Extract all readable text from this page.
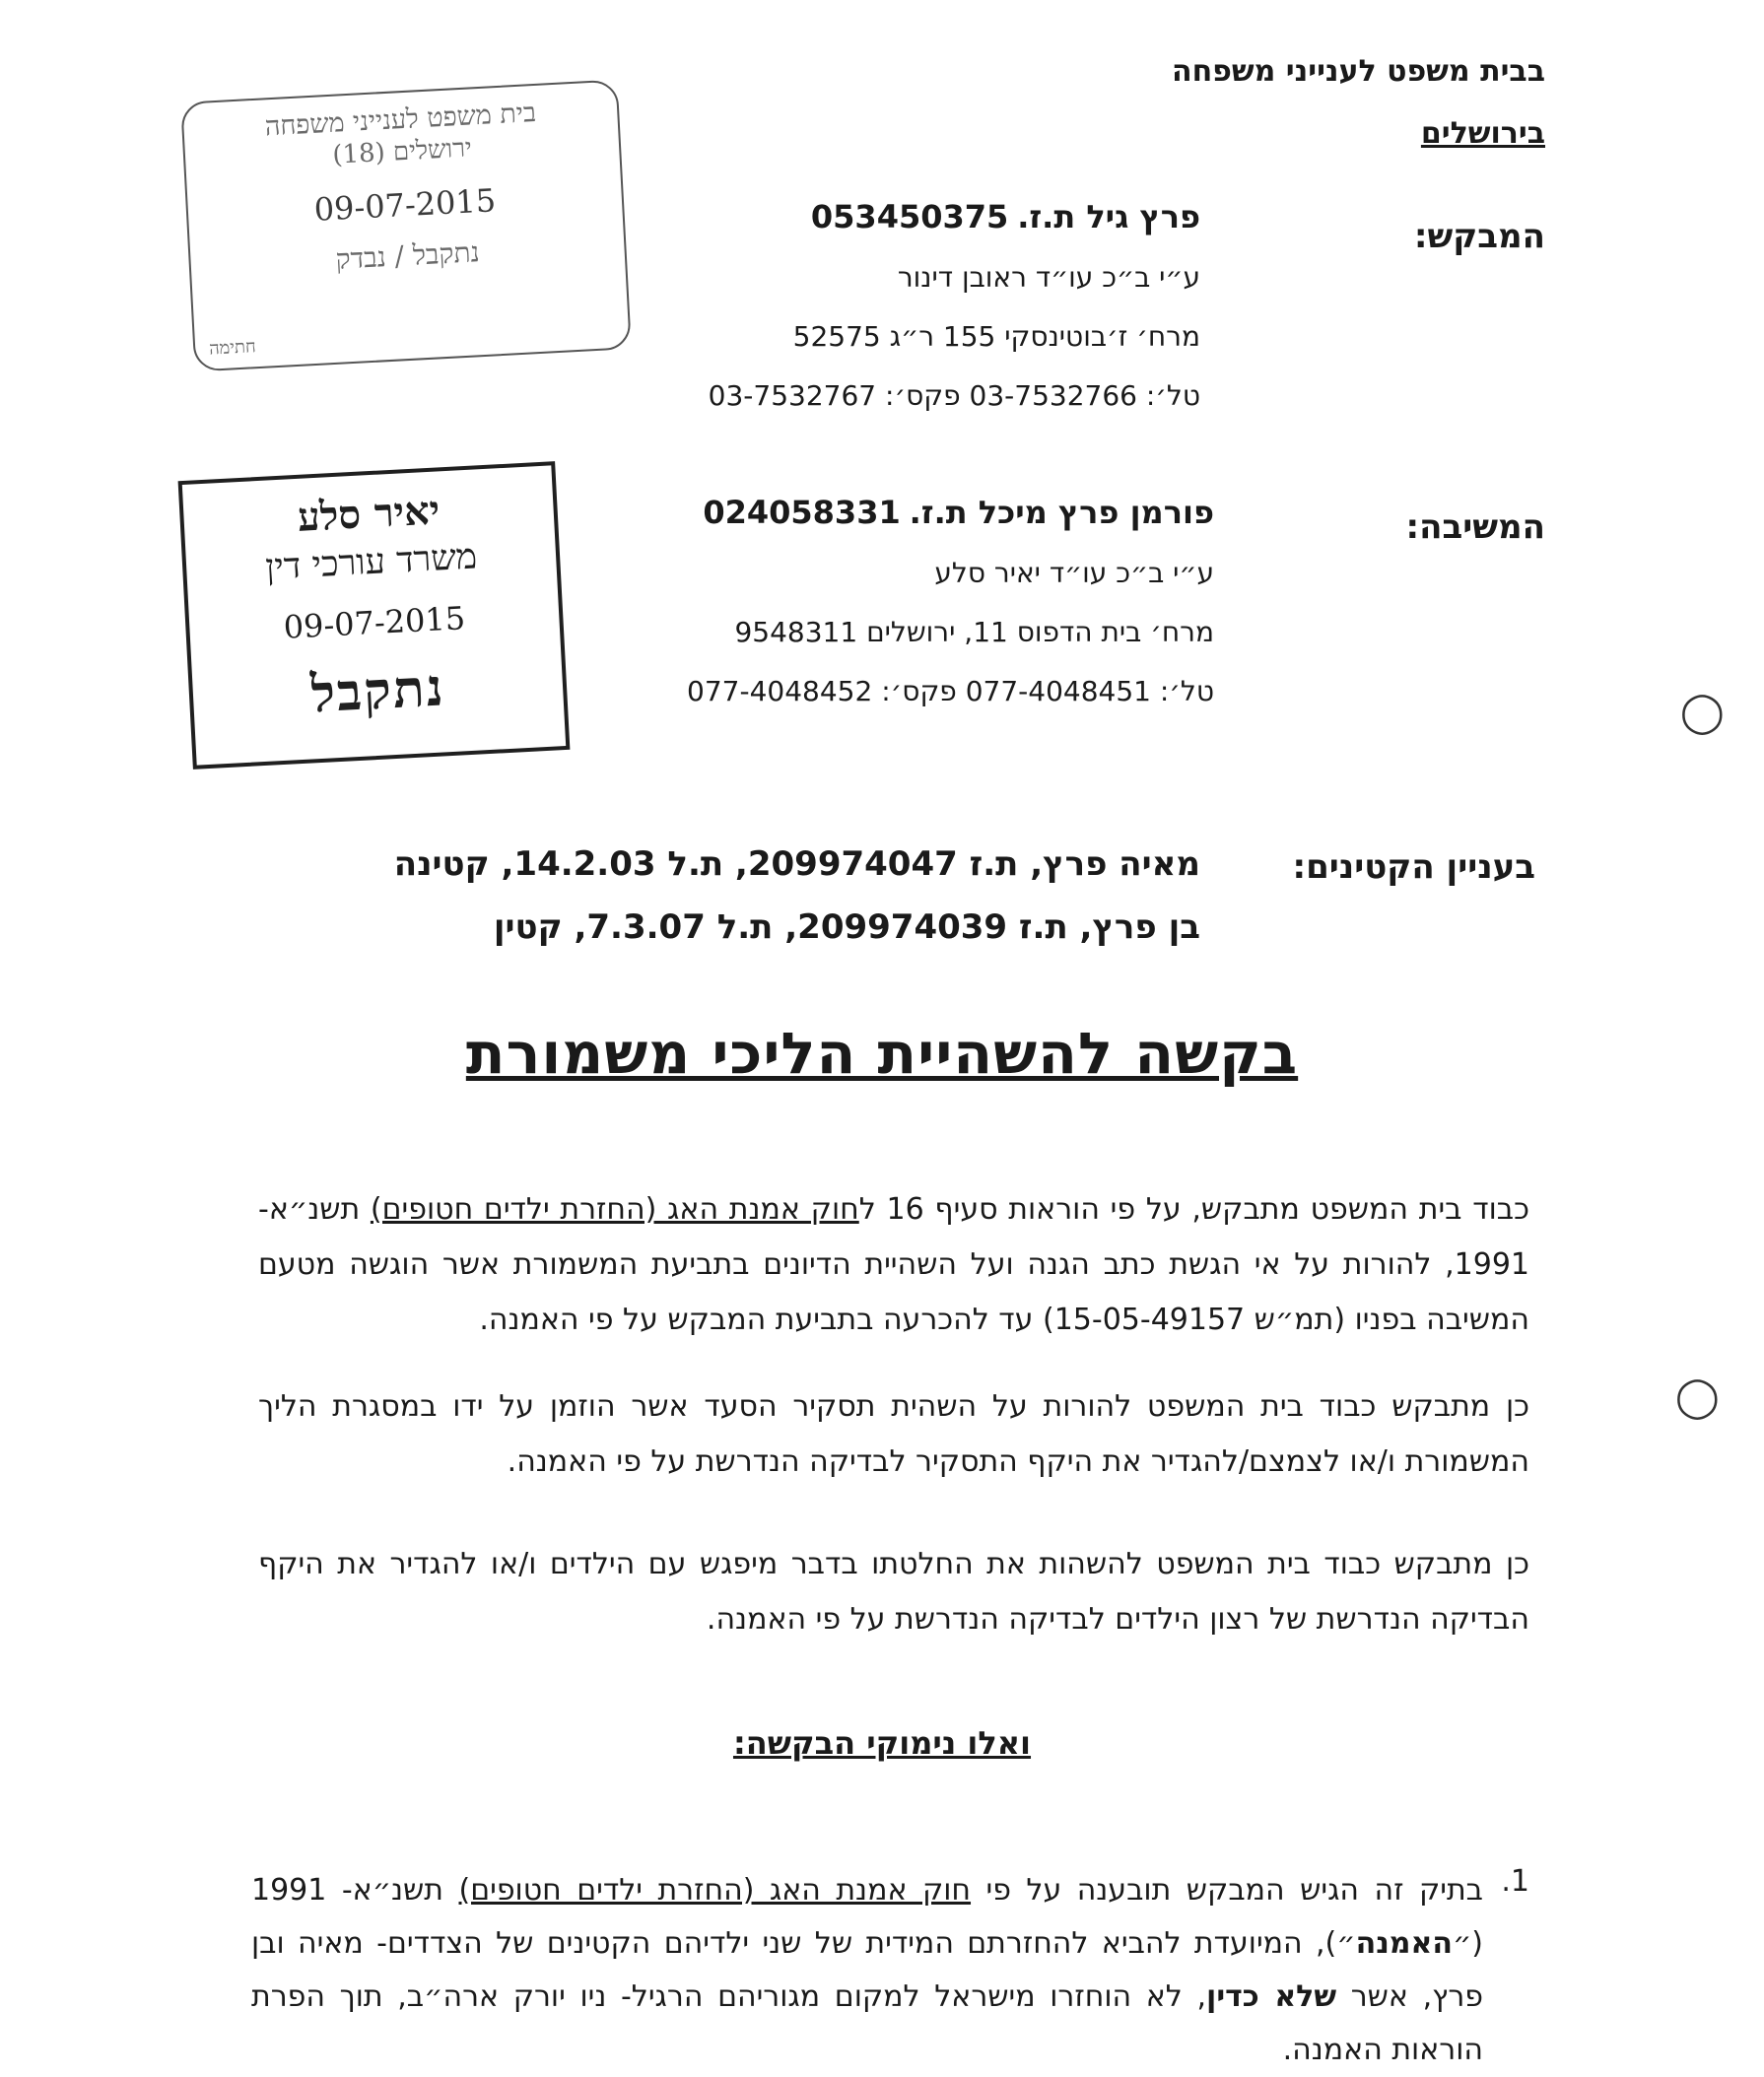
בבית משפט לענייני משפחה
בירושלים
בית משפט לענייני משפחה
ירושלים (18)
09-07-2015
נתקבל / נבדק
חתימה
המבקש:
פרץ גיל ת.ז. 053450375
ע״י ב״כ עו״ד ראובן דינור
מרח׳ ז׳בוטינסקי 155 ר״ג 52575
טל׳: 03-7532766 פקס׳: 03-7532767
יאיר סלע
משרד עורכי דין
09-07-2015
נתקבל
המשיבה:
פורמן פרץ מיכל ת.ז. 024058331
ע״י ב״כ עו״ד יאיר סלע
מרח׳ בית הדפוס 11, ירושלים 9548311
טל׳: 077-4048451 פקס׳: 077-4048452
בעניין הקטינים:
מאיה פרץ, ת.ז 209974047, ת.ל 14.2.03, קטינה
בן פרץ, ת.ז 209974039, ת.ל 7.3.07, קטין
בקשה להשהיית הליכי משמורת
כבוד בית המשפט מתבקש, על פי הוראות סעיף 16 לחוק אמנת האג (החזרת ילדים חטופים) תשנ״א- 1991, להורות על אי הגשת כתב הגנה ועל השהיית הדיונים בתביעת המשמורת אשר הוגשה מטעם המשיבה בפניו (תמ״ש 15-05-49157) עד להכרעה בתביעת המבקש על פי האמנה.
כן מתבקש כבוד בית המשפט להורות על השהית תסקיר הסעד אשר הוזמן על ידו במסגרת הליך המשמורת ו/או לצמצם/להגדיר את היקף התסקיר לבדיקה הנדרשת על פי האמנה.
כן מתבקש כבוד בית המשפט להשהות את החלטתו בדבר מיפגש עם הילדים ו/או להגדיר את היקף הבדיקה הנדרשת של רצון הילדים לבדיקה הנדרשת על פי האמנה.
ואלו נימוקי הבקשה:
1.
בתיק זה הגיש המבקש תובענה על פי חוק אמנת האג (החזרת ילדים חטופים) תשנ״א- 1991 (״האמנה״), המיועדת להביא להחזרתם המידית של שני ילדיהם הקטינים של הצדדים- מאיה ובן פרץ, אשר שלא כדין, לא הוחזרו מישראל למקום מגוריהם הרגיל- ניו יורק ארה״ב, תוך הפרת הוראות האמנה.
◯
◯
